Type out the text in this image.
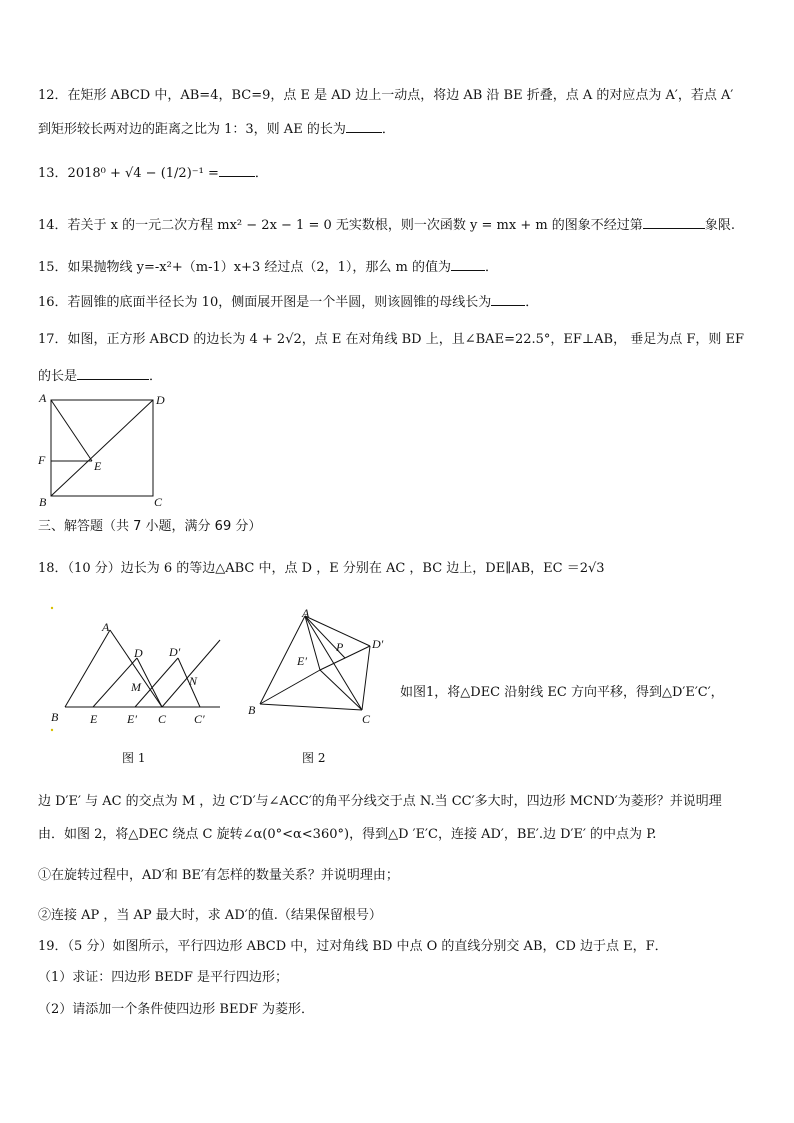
12．在矩形 ABCD 中，AB=4，BC=9，点 E 是 AD 边上一动点，将边 AB 沿 BE 折叠，点 A 的对应点为 A′，若点 A′
到矩形较长两对边的距离之比为 1：3，则 AE 的长为	．
13．2018⁰ + √4 − (1/2)⁻¹ =	．
14．若关于 x 的一元二次方程 mx² − 2x − 1 = 0 无实数根，则一次函数 y = mx + m 的图象不经过第	象限.
15．如果抛物线 y=-x²+（m-1）x+3 经过点（2，1），那么 m 的值为	．
16．若圆锥的底面半径长为 10，侧面展开图是一个半圆，则该圆锥的母线长为	．
17．如图，正方形 ABCD 的边长为 4 + 2√2，点 E 在对角线 BD 上，且∠BAE=22.5°，EF⊥AB， 垂足为点 F，则 EF
的长是	．
A	D
F	E
B	C
三、解答题（共 7 小题，满分 69 分）
18．（10 分）边长为 6 的等边△ABC 中，点 D ，E 分别在 AC ，BC 边上，DE∥AB，EC ＝2√3
A
D D′
M	N
B	E E′ C C′
图 1
A
P D′
E′
B
C
图 2
如图1，将△DEC 沿射线 EC 方向平移，得到△D′E′C′，
边 D′E′ 与 AC 的交点为 M ，边 C′D′与∠ACC′的角平分线交于点 N.当 CC′多大时，四边形 MCND′为菱形？并说明理
由．如图 2，将△DEC 绕点 C 旋转∠α(0°<α<360°)，得到△D ′E′C，连接 AD′，BE′.边 D′E′ 的中点为 P.
①在旋转过程中，AD′和 BE′有怎样的数量关系？并说明理由；
②连接 AP ，当 AP 最大时，求 AD′的值.（结果保留根号）
19．（5 分）如图所示，平行四边形 ABCD 中，过对角线 BD 中点 O 的直线分别交 AB，CD 边于点 E，F．
（1）求证：四边形 BEDF 是平行四边形；
（2）请添加一个条件使四边形 BEDF 为菱形．
